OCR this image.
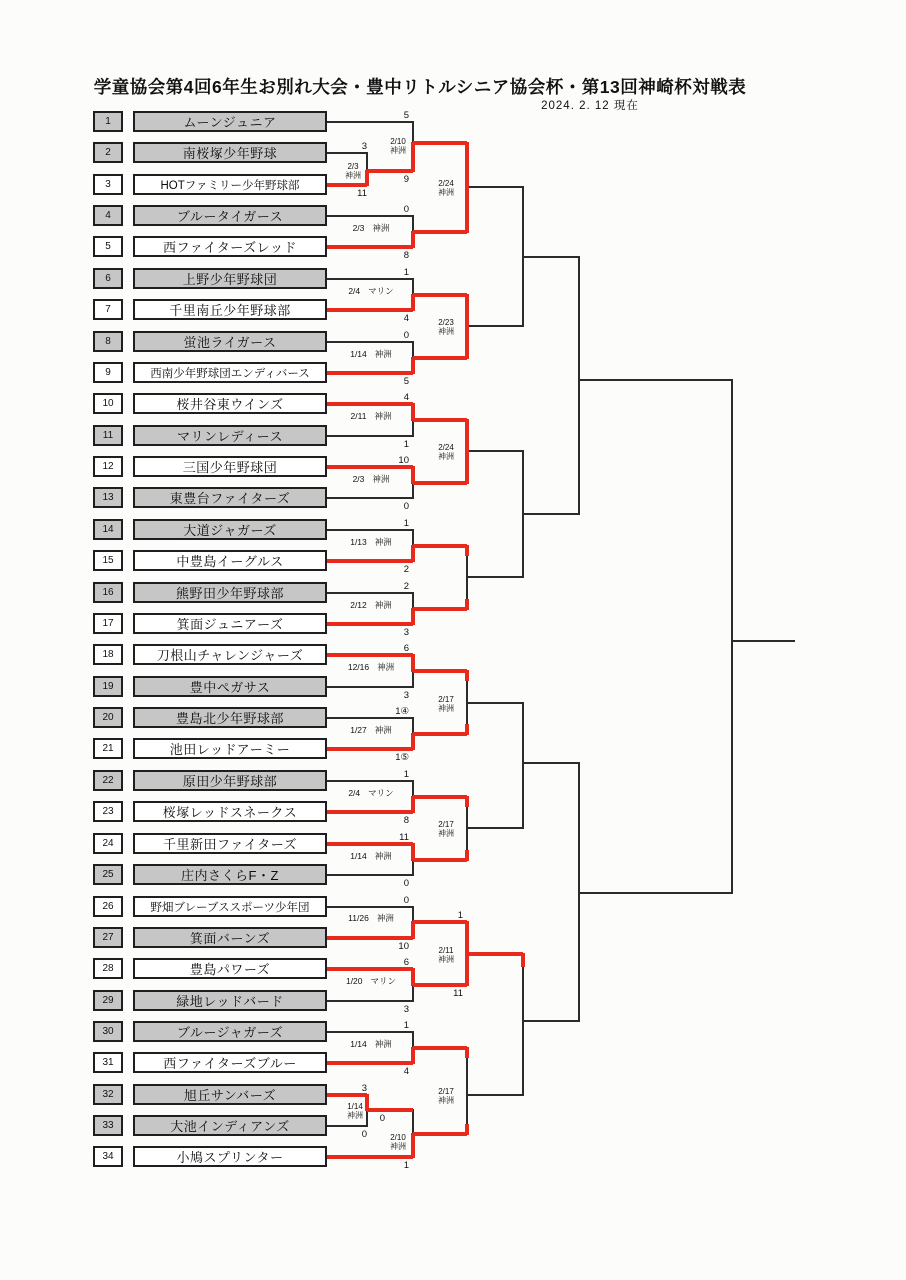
学童協会第4回6年生お別れ大会・豊中リトルシニア協会杯・第13回神崎杯対戦表
2024. 2. 12 現在
1	ムーンジュニア
2	南桜塚少年野球
3	HOTファミリー少年野球部
4	ブルータイガース
5	西ファイターズレッド
6	上野少年野球団
7	千里南丘少年野球部
8	蛍池ライガース
9	西南少年野球団エンディバース
10	桜井谷東ウインズ
11	マリンレディース
12	三国少年野球団
13	東豊台ファイターズ
14	大道ジャガーズ
15	中豊島イーグルス
16	熊野田少年野球部
17	箕面ジュニアーズ
18	刀根山チャレンジャーズ
19	豊中ペガサス
20	豊島北少年野球部
21	池田レッドアーミー
22	原田少年野球部
23	桜塚レッドスネークス
24	千里新田ファイターズ
25	庄内さくらF・Z
26	野畑ブレーブススポーツ少年団
27	箕面バーンズ
28	豊島パワーズ
29	緑地レッドバード
30	ブルージャガーズ
31	西ファイターズブルー
32	旭丘サンバーズ
33	大池インディアンズ
34	小鳩スプリンター
0
8
2/3 神洲
1
4
2/4 マリン
0
5
1/14 神洲
4
1
2/11 神洲
10
0
2/3 神洲
1
2
1/13 神洲
2
3
2/12 神洲
6
3
12/16 神洲
1④
1⑤
1/27 神洲
1
8
2/4 マリン
11
0
1/14 神洲
0
10
11/26 神洲
6
3
1/20 マリン
1
4
1/14 神洲
3
11
2/3
神洲
5
9
2/10
神洲
3
0
1/14
神洲	0
1
2/10
神洲
2/24
神洲
2/23
神洲
2/24
神洲
2/17
神洲
2/17
神洲
2/11
神洲
2/17
神洲
1
11
